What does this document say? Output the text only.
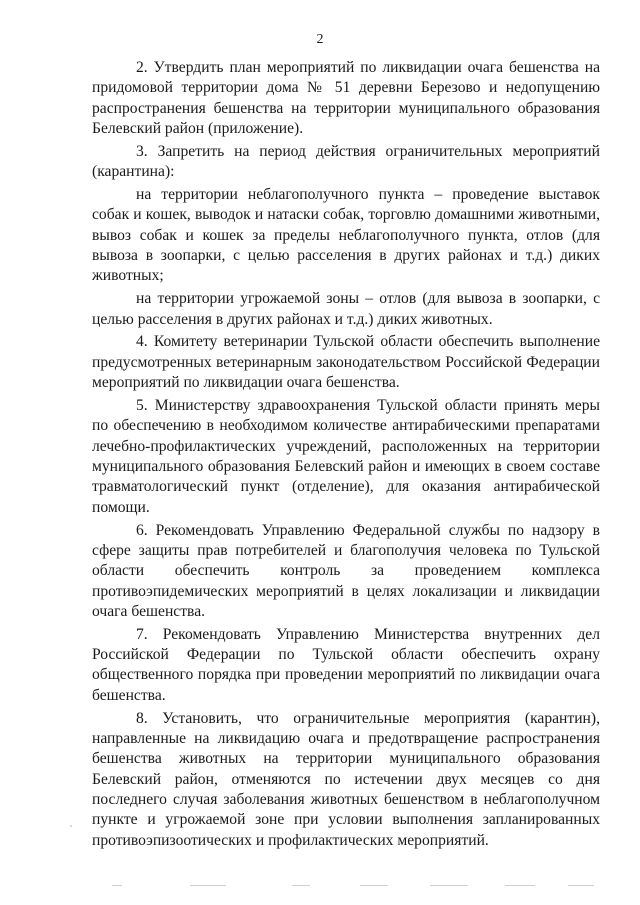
2

2. Утвердить план мероприятий по ликвидации очага бешенства на придомовой территории дома № 51 деревни Березово и недопущению распространения бешенства на территории муниципального образования Белевский район (приложение).

3. Запретить на период действия ограничительных мероприятий (карантина):

на территории неблагополучного пункта – проведение выставок собак и кошек, выводок и натаски собак, торговлю домашними животными, вывоз собак и кошек за пределы неблагополучного пункта, отлов (для вывоза в зоопарки, с целью расселения в других районах и т.д.) диких животных;

на территории угрожаемой зоны – отлов (для вывоза в зоопарки, с целью расселения в других районах и т.д.) диких животных.

4. Комитету ветеринарии Тульской области обеспечить выполнение предусмотренных ветеринарным законодательством Российской Федерации мероприятий по ликвидации очага бешенства.

5. Министерству здравоохранения Тульской области принять меры по обеспечению в необходимом количестве антирабическими препаратами лечебно-профилактических учреждений, расположенных на территории муниципального образования Белевский район и имеющих в своем составе травматологический пункт (отделение), для оказания антирабической помощи.

6. Рекомендовать Управлению Федеральной службы по надзору в сфере защиты прав потребителей и благополучия человека по Тульской области обеспечить контроль за проведением комплекса противоэпидемических мероприятий в целях локализации и ликвидации очага бешенства.

7. Рекомендовать Управлению Министерства внутренних дел Российской Федерации по Тульской области обеспечить охрану общественного порядка при проведении мероприятий по ликвидации очага бешенства.

8. Установить, что ограничительные мероприятия (карантин), направленные на ликвидацию очага и предотвращение распространения бешенства животных на территории муниципального образования Белевский район, отменяются по истечении двух месяцев со дня последнего случая заболевания животных бешенством в неблагополучном пункте и угрожаемой зоне при условии выполнения запланированных противоэпизоотических и профилактических мероприятий.
